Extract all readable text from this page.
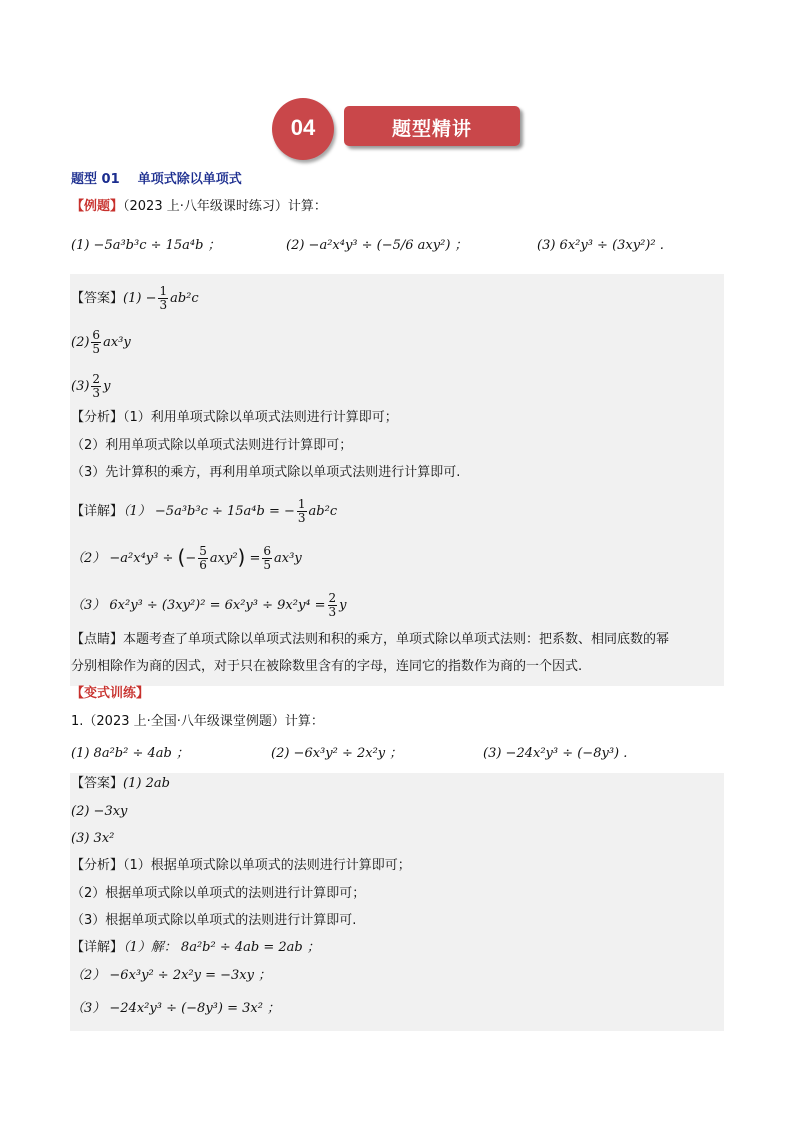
04	题型精讲
题型 01 单项式除以单项式
【例题】（2023 上·八年级课时练习）计算：
(1) −5a³b³c ÷ 15a⁴b ；	(2) −a²x⁴y³ ÷ (−5/6 axy²) ；	(3) 6x²y³ ÷ (3xy²)² .
【答案】$(1) - \frac{1}{3} ab^2c$
$(2) \frac{6}{5} ax^3y$
$(3) \frac{2}{3}$ y
【分析】（1）利用单项式除以单项式法则进行计算即可；
（2）利用单项式除以单项式法则进行计算即可；
（3）先计算积的乘方，再利用单项式除以单项式法则进行计算即可.
【详解】（1） −5a³b³c ÷ 15a⁴b = − $\frac{1}{3} ab^2c$
（2） −a²x⁴y³ ÷ (− $\frac{5}{6} axy^2) = \frac{6}{5} ax^3y$
（3） $6x^2y^3 \div (3xy^2)^2 = 6x^2y^3 \div 9x^2y^4 = \frac{2}{3}$ y
【点睛】本题考查了单项式除以单项式法则和积的乘方，单项式除以单项式法则：把系数、相同底数的幂
分别相除作为商的因式，对于只在被除数里含有的字母，连同它的指数作为商的一个因式.
【变式训练】
1.（2023 上·全国·八年级课堂例题）计算：
(1) 8a²b² ÷ 4ab ；	(2) −6x³y² ÷ 2x²y ；	(3) −24x²y³ ÷ (−8y³) .
【答案】(1) 2ab
(2) −3xy
(3) 3x²
【分析】（1）根据单项式除以单项式的法则进行计算即可；
（2）根据单项式除以单项式的法则进行计算即可；
（3）根据单项式除以单项式的法则进行计算即可.
【详解】（1）解： 8a²b² ÷ 4ab = 2ab ；
（2） −6x³y² ÷ 2x²y = −3xy ；
（3） −24x²y³ ÷ (−8y³) = 3x² ；
